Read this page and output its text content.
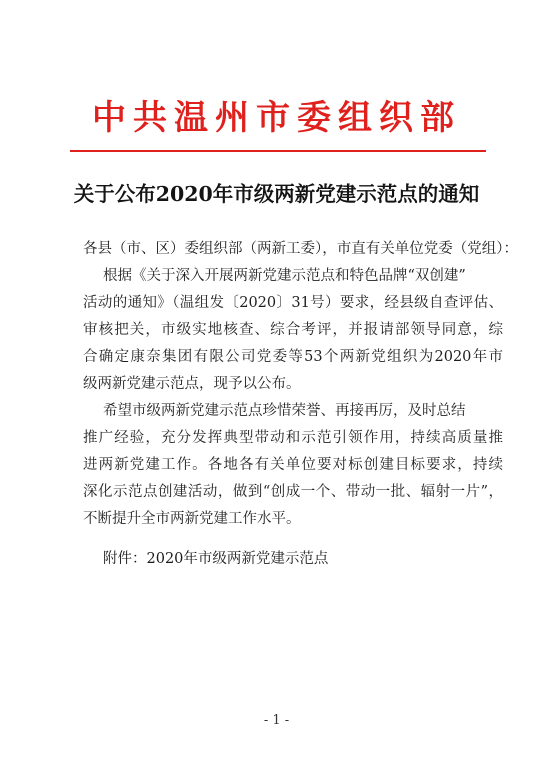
中共温州市委组织部
关于公布2020年市级两新党建示范点的通知
各县（市、区）委组织部（两新工委），市直有关单位党委（党组）：
根据《关于深入开展两新党建示范点和特色品牌“双创建”
活动的通知》（温组发〔2020〕31号）要求，经县级自查评估、
审核把关，市级实地核查、综合考评，并报请部领导同意，综
合确定康奈集团有限公司党委等53个两新党组织为2020年市
级两新党建示范点，现予以公布。
希望市级两新党建示范点珍惜荣誉、再接再厉，及时总结
推广经验，充分发挥典型带动和示范引领作用，持续高质量推
进两新党建工作。各地各有关单位要对标创建目标要求，持续
深化示范点创建活动，做到“创成一个、带动一批、辐射一片”，
不断提升全市两新党建工作水平。
附件：2020年市级两新党建示范点
- 1 -
